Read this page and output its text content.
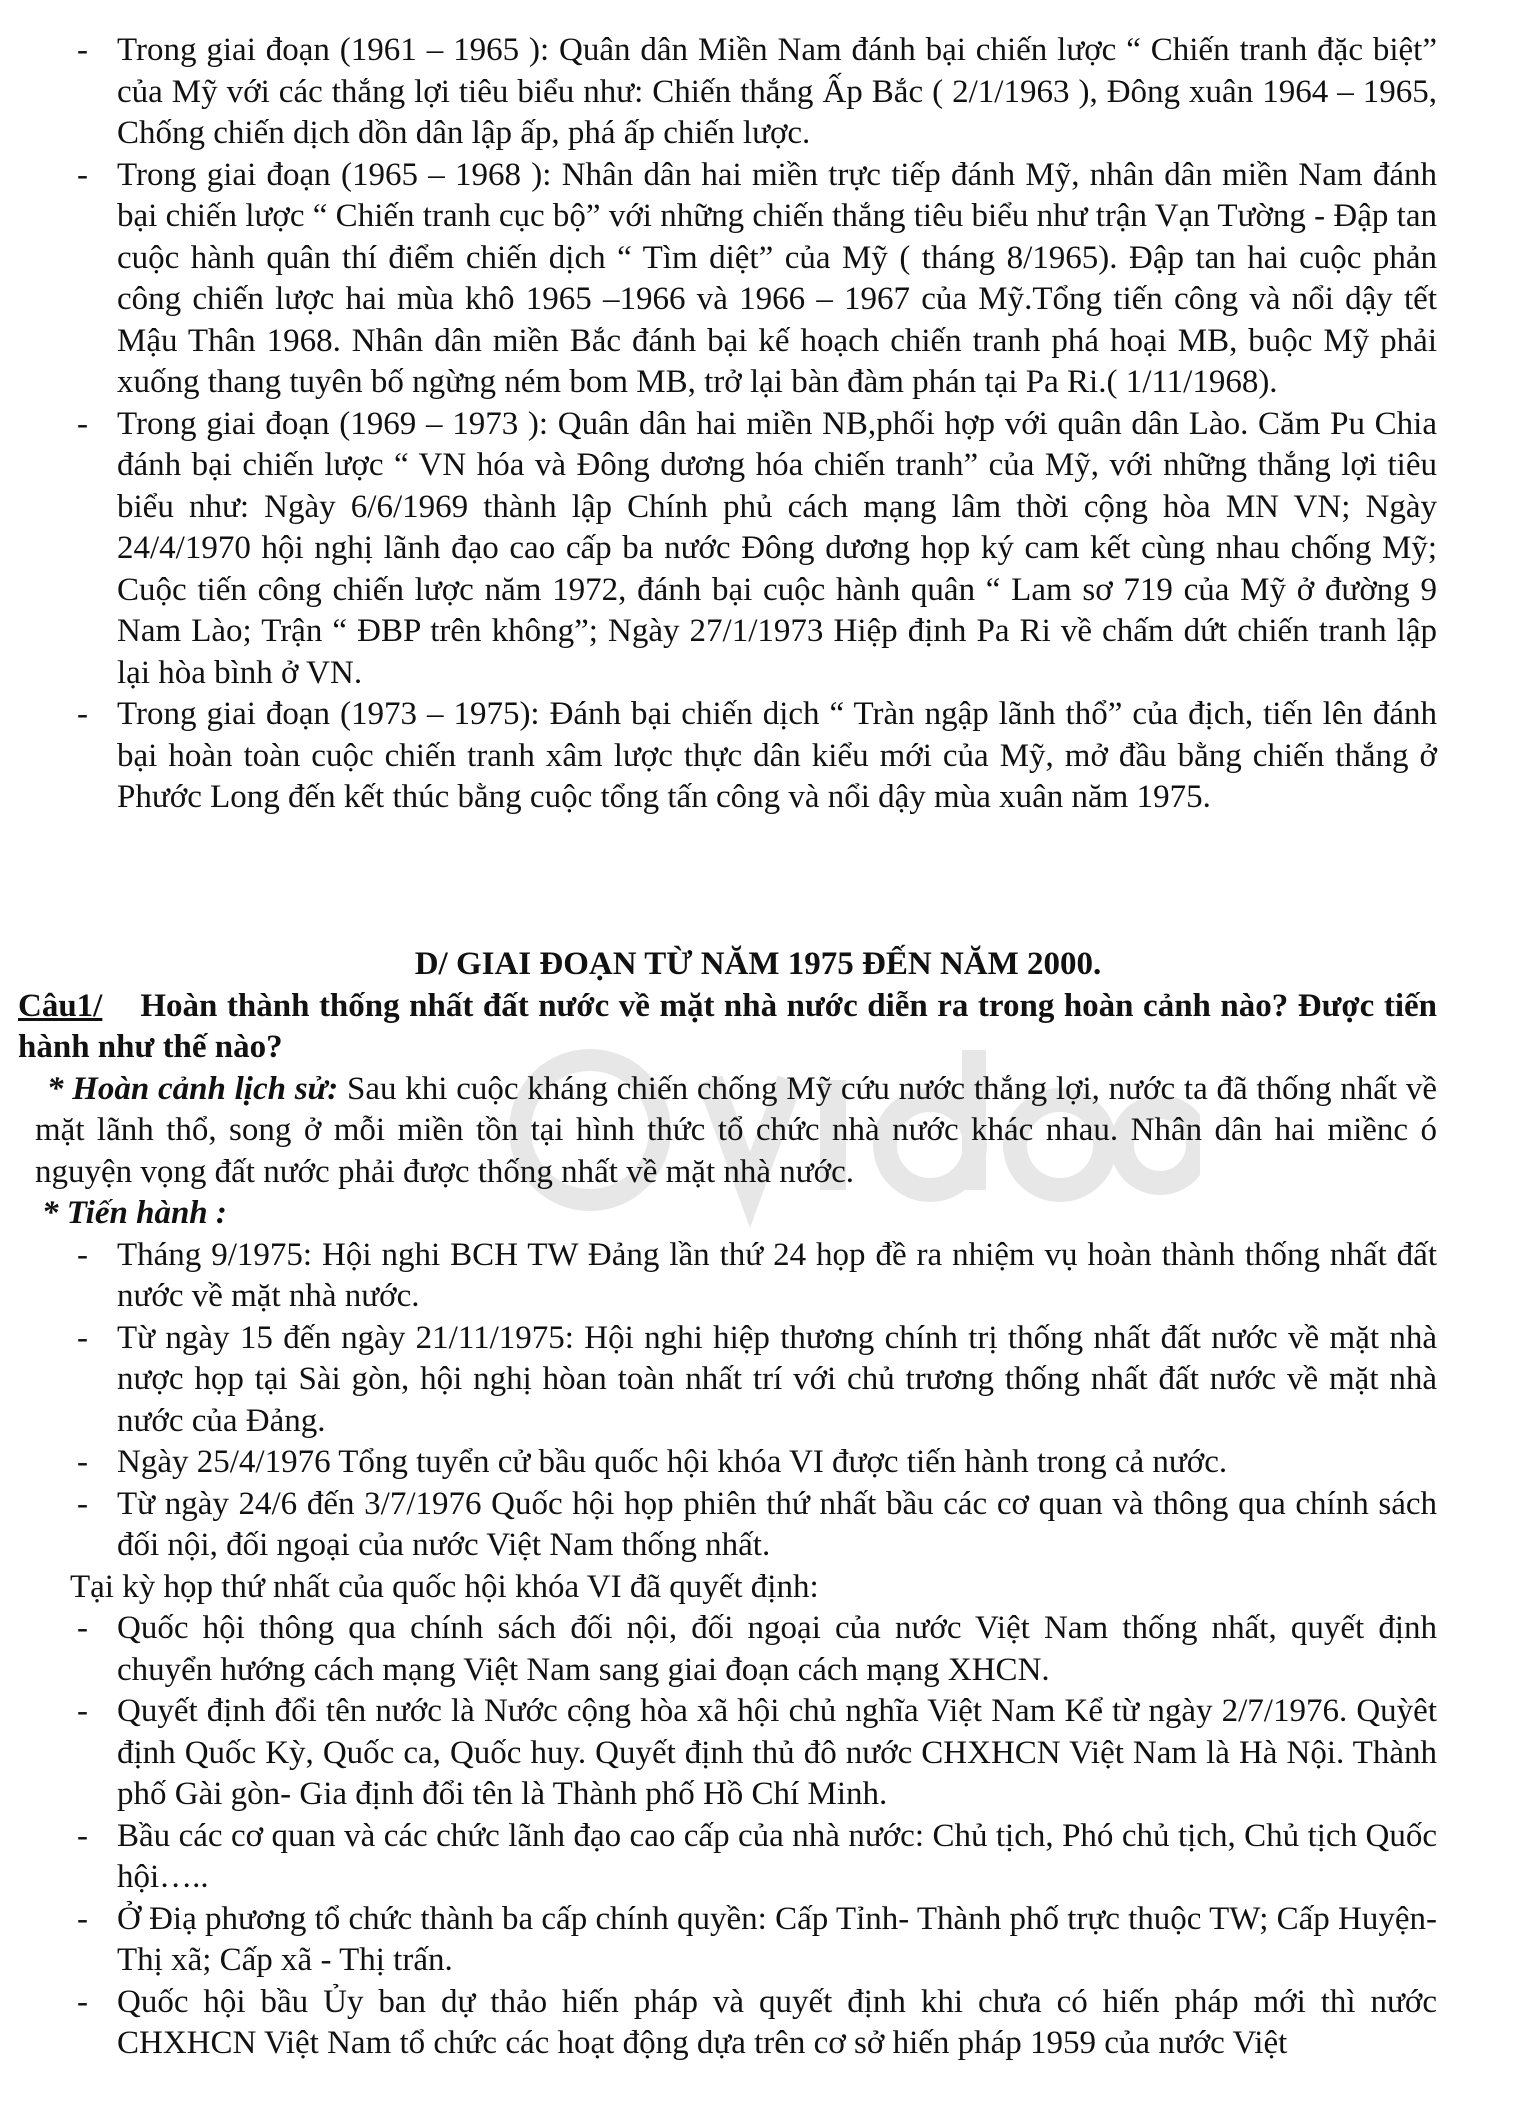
- Trong giai đoạn (1961 – 1965 ): Quân dân Miền Nam đánh bại chiến lược “ Chiến tranh đặc biệt” của Mỹ với các thắng lợi tiêu biểu như: Chiến thắng Ấp Bắc ( 2/1/1963 ), Đông xuân 1964 – 1965, Chống chiến dịch dồn dân lập ấp, phá ấp chiến lược.
- Trong giai đoạn (1965 – 1968 ): Nhân dân hai miền trực tiếp đánh Mỹ, nhân dân miền Nam đánh bại chiến lược “ Chiến tranh cục bộ” với những chiến thắng tiêu biểu như trận Vạn Tường - Đập tan cuộc hành quân thí điểm chiến dịch “ Tìm diệt” của Mỹ ( tháng 8/1965). Đập tan hai cuộc phản công chiến lược hai mùa khô 1965 –1966 và 1966 – 1967 của Mỹ.Tổng tiến công và nổi dậy tết Mậu Thân 1968. Nhân dân miền Bắc đánh bại kế hoạch chiến tranh phá hoại MB, buộc Mỹ phải xuống thang tuyên bố ngừng ném bom MB, trở lại bàn đàm phán tại Pa Ri.( 1/11/1968).
- Trong giai đoạn (1969 – 1973 ): Quân dân hai miền NB,phối hợp với quân dân Lào. Căm Pu Chia đánh bại chiến lược “ VN hóa và Đông dương hóa chiến tranh” của Mỹ, với những thắng lợi tiêu biểu như: Ngày 6/6/1969 thành lập Chính phủ cách mạng lâm thời cộng hòa MN VN; Ngày 24/4/1970 hội nghị lãnh đạo cao cấp ba nước Đông dương họp ký cam kết cùng nhau chống Mỹ; Cuộc tiến công chiến lược năm 1972, đánh bại cuộc hành quân “ Lam sơ 719 của Mỹ ở đường 9 Nam Lào; Trận “ ĐBP trên không”; Ngày 27/1/1973 Hiệp định Pa Ri về chấm dứt chiến tranh lập lại hòa bình ở VN.
- Trong giai đoạn (1973 – 1975): Đánh bại chiến dịch “ Tràn ngập lãnh thổ” của địch, tiến lên đánh bại hoàn toàn cuộc chiến tranh xâm lược thực dân kiểu mới của Mỹ, mở đầu bằng chiến thắng ở Phước Long đến kết thúc bằng cuộc tổng tấn công và nổi dậy mùa xuân năm 1975.

D/ GIAI ĐOẠN TỪ NĂM 1975 ĐẾN NĂM 2000.

Câu1/ Hoàn thành thống nhất đất nước về mặt nhà nước diễn ra trong hoàn cảnh nào? Được tiến hành như thế nào?

* Hoàn cảnh lịch sử: Sau khi cuộc kháng chiến chống Mỹ cứu nước thắng lợi, nước ta đã thống nhất về mặt lãnh thổ, song ở mỗi miền tồn tại hình thức tổ chức nhà nước khác nhau. Nhân dân hai miềnc ó nguyện vọng đất nước phải được thống nhất về mặt nhà nước.

* Tiến hành :

- Tháng 9/1975: Hội nghi BCH TW Đảng lần thứ 24 họp đề ra nhiệm vụ hoàn thành thống nhất đất nước về mặt nhà nước.
- Từ ngày 15 đến ngày 21/11/1975: Hội nghi hiệp thương chính trị thống nhất đất nước về mặt nhà nược họp tại Sài gòn, hội nghị hòan toàn nhất trí với chủ trương thống nhất đất nước về mặt nhà nước của Đảng.
- Ngày 25/4/1976 Tổng tuyển cử bầu quốc hội khóa VI được tiến hành trong cả nước.
- Từ ngày 24/6 đến 3/7/1976 Quốc hội họp phiên thứ nhất bầu các cơ quan và thông qua chính sách đối nội, đối ngoại của nước Việt Nam thống nhất.

Tại kỳ họp thứ nhất của quốc hội khóa VI đã quyết định:

- Quốc hội thông qua chính sách đối nội, đối ngoại của nước Việt Nam thống nhất, quyết định chuyển hướng cách mạng Việt Nam sang giai đoạn cách mạng XHCN.
- Quyết định đổi tên nước là Nước cộng hòa xã hội chủ nghĩa Việt Nam Kể từ ngày 2/7/1976. Quỳêt định Quốc Kỳ, Quốc ca, Quốc huy. Quyết định thủ đô nước CHXHCN Việt Nam là Hà Nội. Thành phố Gài gòn- Gia định đổi tên là Thành phố Hồ Chí Minh.
- Bầu các cơ quan và các chức lãnh đạo cao cấp của nhà nước: Chủ tịch, Phó chủ tịch, Chủ tịch Quốc hội…..
- Ở Điạ phương tổ chức thành ba cấp chính quyền: Cấp Tỉnh- Thành phố trực thuộc TW; Cấp Huyện- Thị xã; Cấp xã - Thị trấn.
- Quốc hội bầu Ủy ban dự thảo hiến pháp và quyết định khi chưa có hiến pháp mới thì nước CHXHCN Việt Nam tổ chức các hoạt động dựa trên cơ sở hiến pháp 1959 của nước Việt
